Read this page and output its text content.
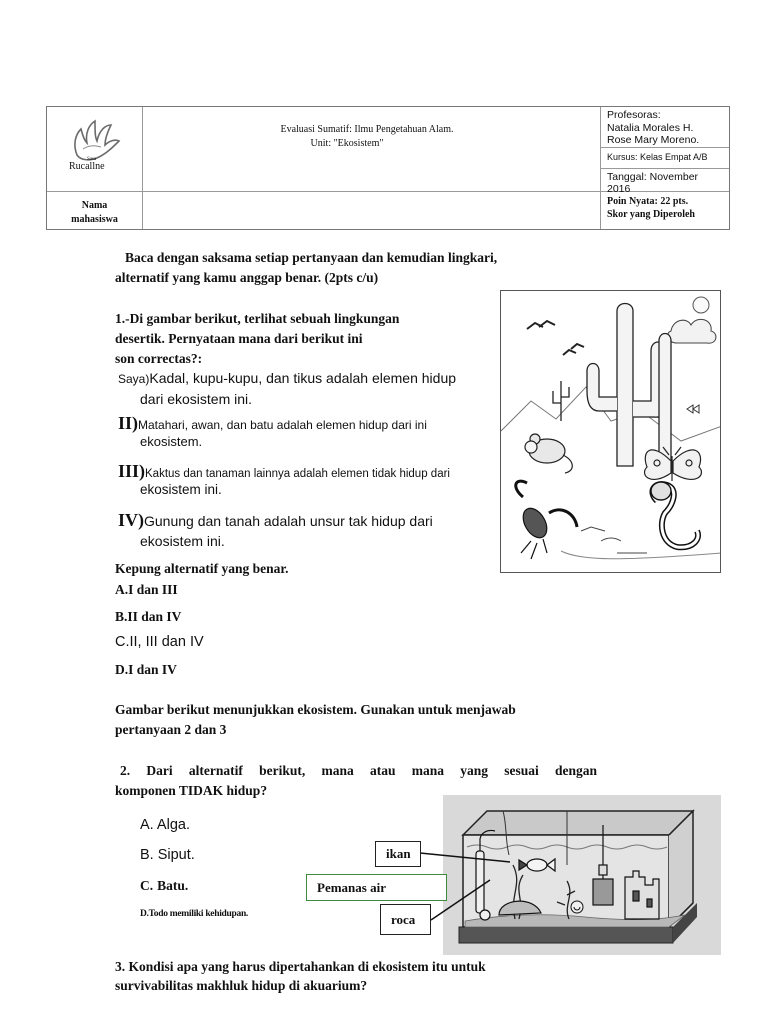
Sasa
Rucallne
Evaluasi Sumatif: Ilmu Pengetahuan Alam.
Unit: "Ekosistem"
Profesoras:
Natalia Morales H.
Rose Mary Moreno.
Kursus: Kelas Empat A/B
Tanggal: November
2016
Nama
mahasiswa
Poin Nyata: 22 pts.
Skor yang Diperoleh
Baca dengan saksama setiap pertanyaan dan kemudian lingkari,
alternatif yang kamu anggap benar. (2pts c/u)
1.-Di gambar berikut, terlihat sebuah lingkungan
desertik. Pernyataan mana dari berikut ini
son correctas?:
Saya)Kadal, kupu-kupu, dan tikus adalah elemen hidup
dari ekosistem ini.
II)Matahari, awan, dan batu adalah elemen hidup dari ini
ekosistem.
III)Kaktus dan tanaman lainnya adalah elemen tidak hidup dari
ekosistem ini.
IV)Gunung dan tanah adalah unsur tak hidup dari
ekosistem ini.
Kepung alternatif yang benar.
A.I dan III
B.II dan IV
C.II, III dan IV
D.I dan IV
Gambar berikut menunjukkan ekosistem. Gunakan untuk menjawab
pertanyaan 2 dan 3
2. Dari alternatif berikut, mana atau mana yang sesuai dengan
komponen TIDAK hidup?
A. Alga.
B. Siput.
C. Batu.
D.Todo memiliki kehidupan.
ikan
Pemanas air
roca
3. Kondisi apa yang harus dipertahankan di ekosistem itu untuk
survivabilitas makhluk hidup di akuarium?
